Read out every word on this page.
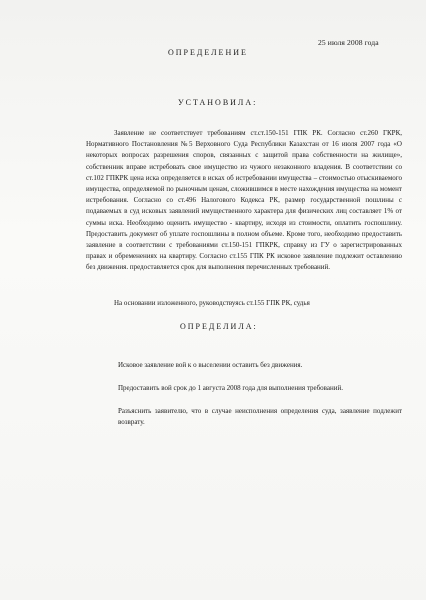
25 июля 2008 года
ОПРЕДЕЛЕНИЕ
УСТАНОВИЛА:

Заявление не соответствует требованиям ст.ст.150-151 ГПК РК. Согласно ст.260 ГКРК, Нормативного Постановления №5 Верховного Суда Республики Казахстан от 16 июля 2007 года «О некоторых вопросах разрешения споров, связанных с защитой права собственности на жилище», собственник вправе истребовать свое имущество из чужого незаконного владения. В соответствии со ст.102 ГПКРК цена иска определяется в исках об истребовании имущества – стоимостью отыскиваемого имущества, определяемой по рыночным ценам, сложившимся в месте нахождения имущества на момент истребования. Согласно со ст.496 Налогового Кодекса РК, размер государственной пошлины с подаваемых в суд исковых заявлений имущественного характера для физических лиц составляет 1% от суммы иска. Необходимо оценить имущество - квартиру, исходя из стоимости, оплатить госпошлину. Предоставить документ об уплате госпошлины в полном объеме. Кроме того, необходимо предоставить заявление в соответствии с требованиями ст.150-151 ГПКРК, справку из ГУ о зарегистрированных правах и обременениях на квартиру. Согласно ст.155 ГПК РК исковое заявление подлежит оставлению без движения. предоставляется срок для выполнения перечисленных требований.

На основании изложенного, руководствуясь ст.155 ГПК РК, судья

ОПРЕДЕЛИЛА:

Исковое заявление вой к о выселении оставить без движения.

Предоставить вой срок до 1 августа 2008 года для выполнения требований.

Разъяснить заявителю, что в случае неисполнения определения суда, заявление подлежит возврату.
